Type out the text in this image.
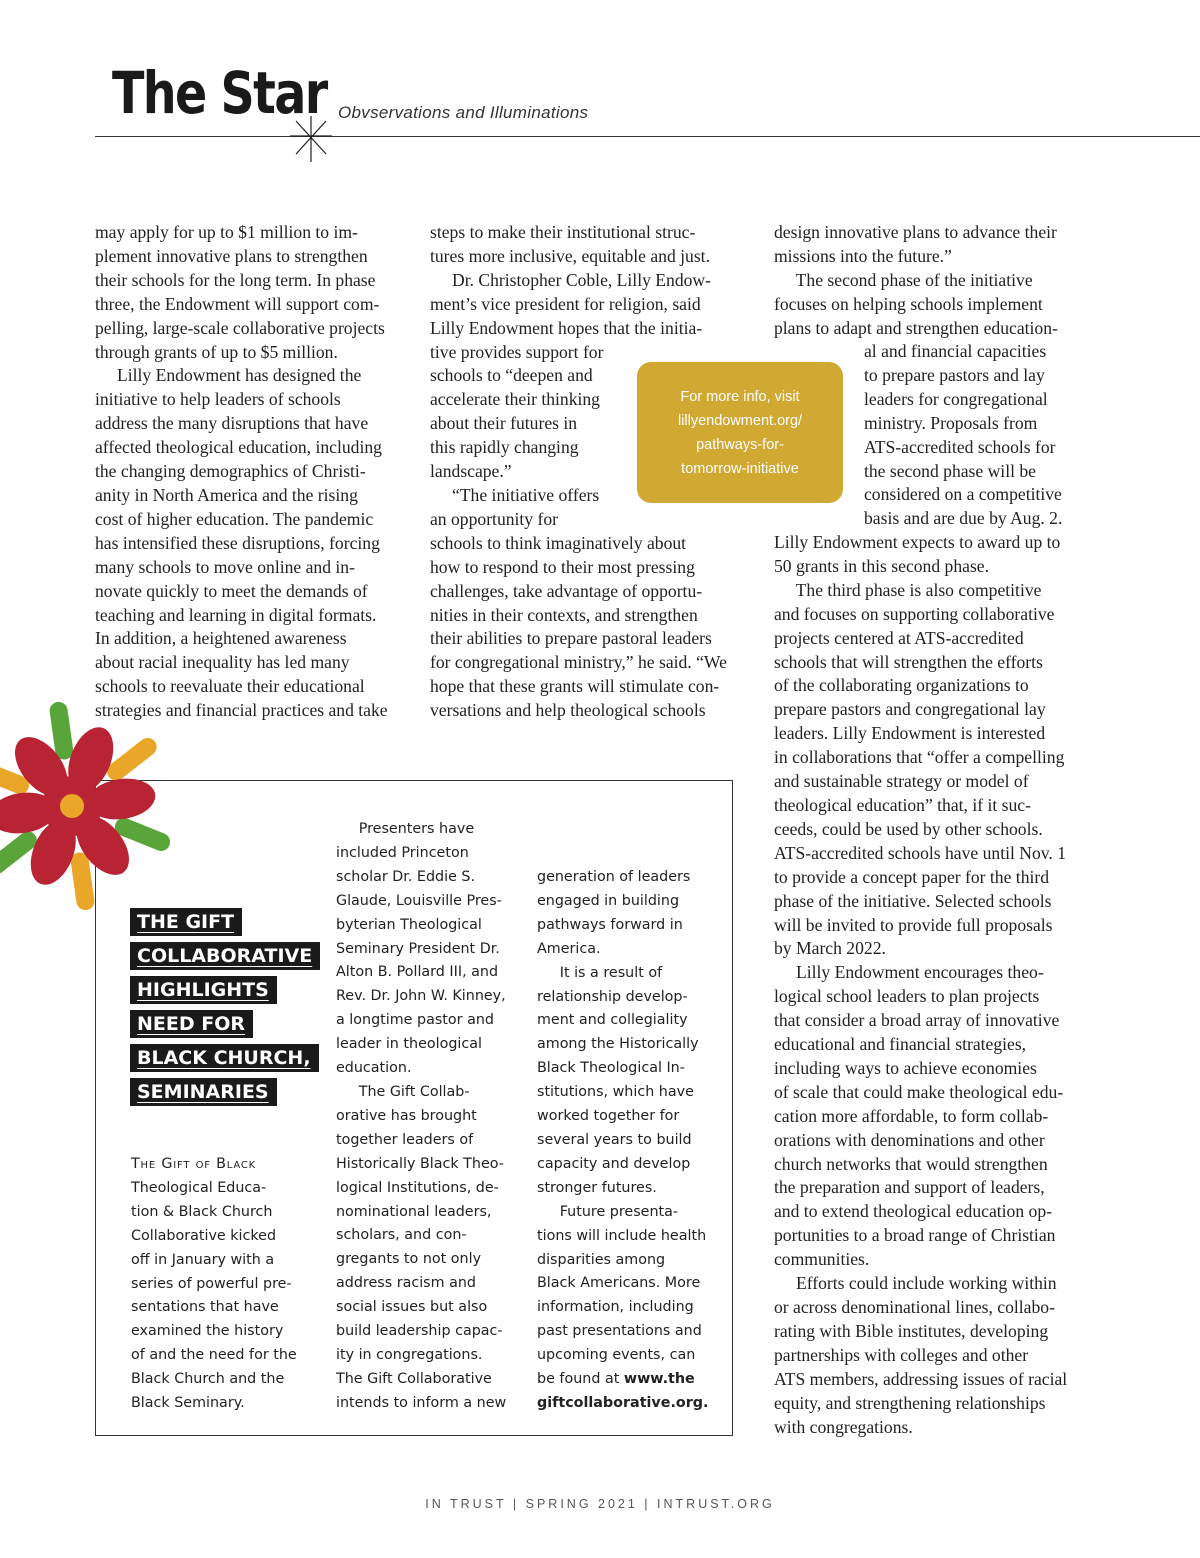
The Star Obvservations and Illuminations

may apply for up to $1 million to im-

plement innovative plans to strengthen

their schools for the long term. In phase

three, the Endowment will support com-

pelling, large-scale collaborative projects

through grants of up to $5 million.

Lilly Endowment has designed the

initiative to help leaders of schools

address the many disruptions that have

affected theological education, including

the changing demographics of Christi-

anity in North America and the rising

cost of higher education. The pandemic

has intensified these disruptions, forcing

many schools to move online and in-

novate quickly to meet the demands of

teaching and learning in digital formats.

In addition, a heightened awareness

about racial inequality has led many

schools to reevaluate their educational

strategies and financial practices and take

steps to make their institutional struc-

tures more inclusive, equitable and just.

Dr. Christopher Coble, Lilly Endow-

ment’s vice president for religion, said

Lilly Endowment hopes that the initia-

tive provides support for

schools to “deepen and

accelerate their thinking

about their futures in

this rapidly changing

landscape.”

“The initiative offers

an opportunity for

schools to think imaginatively about

how to respond to their most pressing

challenges, take advantage of opportu-

nities in their contexts, and strengthen

their abilities to prepare pastoral leaders

for congregational ministry,” he said. “We

hope that these grants will stimulate con-

versations and help theological schools

design innovative plans to advance their

missions into the future.”

The second phase of the initiative

focuses on helping schools implement

plans to adapt and strengthen education-

al and financial capacities

to prepare pastors and lay

leaders for congregational

ministry. Proposals from

ATS-accredited schools for

the second phase will be

considered on a competitive

basis and are due by Aug. 2.

Lilly Endowment expects to award up to

50 grants in this second phase.

The third phase is also competitive

and focuses on supporting collaborative

projects centered at ATS-accredited

schools that will strengthen the efforts

of the collaborating organizations to

prepare pastors and congregational lay

leaders. Lilly Endowment is interested

in collaborations that “offer a compelling

and sustainable strategy or model of

theological education” that, if it suc-

ceeds, could be used by other schools.

ATS-accredited schools have until Nov. 1

to provide a concept paper for the third

phase of the initiative. Selected schools

will be invited to provide full proposals

by March 2022.

Lilly Endowment encourages theo-

logical school leaders to plan projects

that consider a broad array of innovative

educational and financial strategies,

including ways to achieve economies

of scale that could make theological edu-

cation more affordable, to form collab-

orations with denominations and other

church networks that would strengthen

the preparation and support of leaders,

and to extend theological education op-

portunities to a broad range of Christian

communities.

Efforts could include working within

or across denominational lines, collabo-

rating with Bible institutes, developing

partnerships with colleges and other

ATS members, addressing issues of racial

equity, and strengthening relationships

with congregations.

For more info, visit
lillyendowment.org/
pathways-for-
tomorrow-initiative
THE GIFT
COLLABORATIVE
HIGHLIGHTS
NEED FOR
BLACK CHURCH,
SEMINARIES

The Gift of Black

Theological Educa-

tion & Black Church

Collaborative kicked

off in January with a

series of powerful pre-

sentations that have

examined the history

of and the need for the

Black Church and the

Black Seminary.

Presenters have

included Princeton

scholar Dr. Eddie S.

Glaude, Louisville Pres-

byterian Theological

Seminary President Dr.

Alton B. Pollard III, and

Rev. Dr. John W. Kinney,

a longtime pastor and

leader in theological

education.

The Gift Collab-

orative has brought

together leaders of

Historically Black Theo-

logical Institutions, de-

nominational leaders,

scholars, and con-

gregants to not only

address racism and

social issues but also

build leadership capac-

ity in congregations.

The Gift Collaborative

intends to inform a new

generation of leaders

engaged in building

pathways forward in

America.

It is a result of

relationship develop-

ment and collegiality

among the Historically

Black Theological In-

stitutions, which have

worked together for

several years to build

capacity and develop

stronger futures.

Future presenta-

tions will include health

disparities among

Black Americans. More

information, including

past presentations and

upcoming events, can

be found at www.the

giftcollaborative.org.

IN TRUST | SPRING 2021 | INTRUST.ORG
